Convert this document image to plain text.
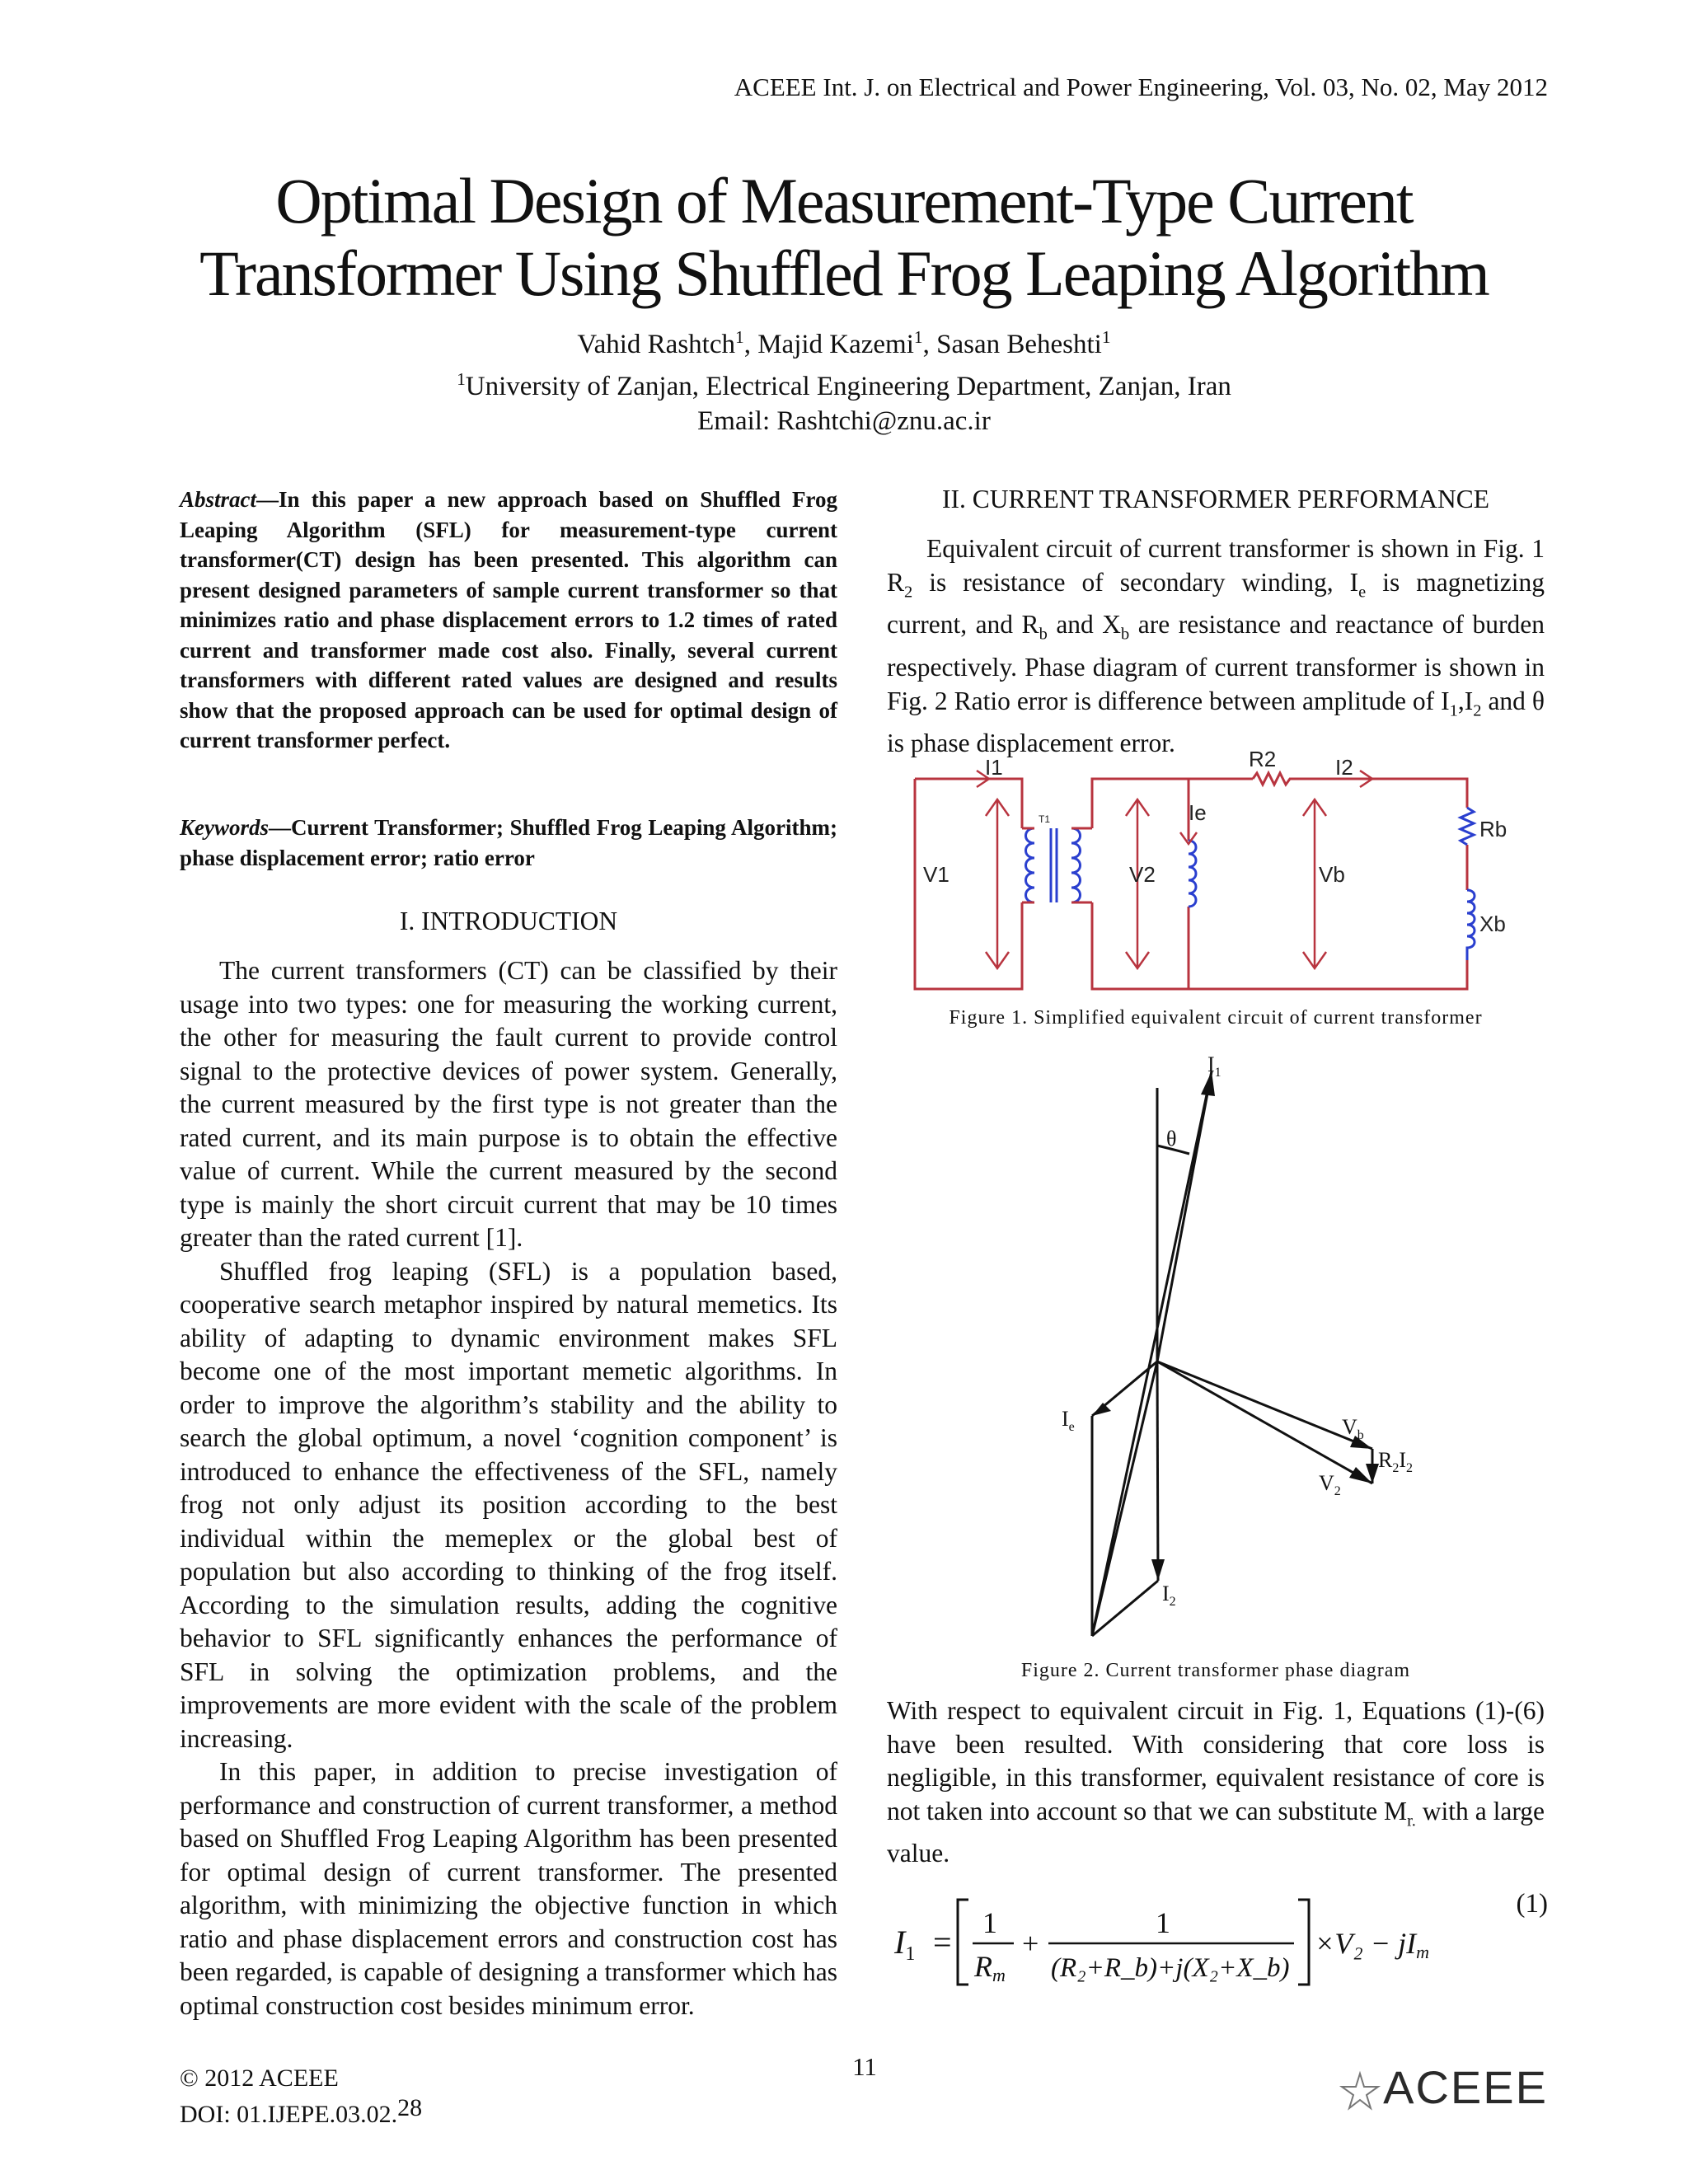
ACEEE Int. J. on Electrical and Power Engineering, Vol. 03, No. 02, May 2012
Optimal Design of Measurement-Type Current
Transformer Using Shuffled Frog Leaping Algorithm
Vahid Rashtch$^1$, Majid Kazemi$^1$, Sasan Beheshti$^1$
$^1$University of Zanjan, Electrical Engineering Department, Zanjan, Iran
Email: Rashtchi@znu.ac.ir
Abstract—In this paper a new approach based on Shuffled Frog Leaping Algorithm (SFL) for measurement-type current transformer(CT) design has been presented. This algorithm can present designed parameters of sample current transformer so that minimizes ratio and phase displacement errors to 1.2 times of rated current and transformer made cost also. Finally, several current transformers with different rated values are designed and results show that the proposed approach can be used for optimal design of current transformer perfect.
Keywords—Current Transformer; Shuffled Frog Leaping Algorithm; phase displacement error; ratio error
I. INTRODUCTION

The current transformers (CT) can be classified by their usage into two types: one for measuring the working current, the other for measuring the fault current to provide control signal to the protective devices of power system. Generally, the current measured by the first type is not greater than the rated current, and its main purpose is to obtain the effective value of current. While the current measured by the second type is mainly the short circuit current that may be 10 times greater than the rated current [1].

Shuffled frog leaping (SFL) is a population based, cooperative search metaphor inspired by natural memetics. Its ability of adapting to dynamic environment makes SFL become one of the most important memetic algorithms. In order to improve the algorithm’s stability and the ability to search the global optimum, a novel ‘cognition component’ is introduced to enhance the effectiveness of the SFL, namely frog not only adjust its position according to the best individual within the memeplex or the global best of population but also according to thinking of the frog itself. According to the simulation results, adding the cognitive behavior to SFL significantly enhances the performance of SFL in solving the optimization problems, and the improvements are more evident with the scale of the problem increasing.

In this paper, in addition to precise investigation of performance and construction of current transformer, a method based on Shuffled Frog Leaping Algorithm has been presented for optimal design of current transformer. The presented algorithm, with minimizing the objective function in which ratio and phase displacement errors and construction cost has been regarded, is capable of designing a transformer which has optimal construction cost besides minimum error.

II. CURRENT TRANSFORMER PERFORMANCE

Equivalent circuit of current transformer is shown in Fig. 1 $R_2$ is resistance of secondary winding, $I_e$ is magnetizing current, and $R_b$ and $X_b$ are resistance and reactance of burden respectively. Phase diagram of current transformer is shown in Fig. 2 Ratio error is difference between amplitude of $I_1,I_2$ and θ is phase displacement error.

I1
V1
T1
V2
Ie
R2	I2
Vb
Rb
Xb
Figure 1. Simplified equivalent circuit of current transformer
$I_1$
θ
$I_e$	$V_b$
$R_2I_2$
$V_2$
$I_2$
Figure 2. Current transformer phase diagram

With respect to equivalent circuit in Fig. 1, Equations (1)-(6) have been resulted. With considering that core loss is negligible, in this transformer, equivalent resistance of core is not taken into account so that we can substitute $M_{r.}$ with a large value.

$I_1$ =
1
Rm
+
1
(R₂+R_b)+j(X₂+X_b)
×V₂ − jIm
(1)
© 2012 ACEEE
DOI: 01.IJEPE.03.02.28
11	ACEEE
